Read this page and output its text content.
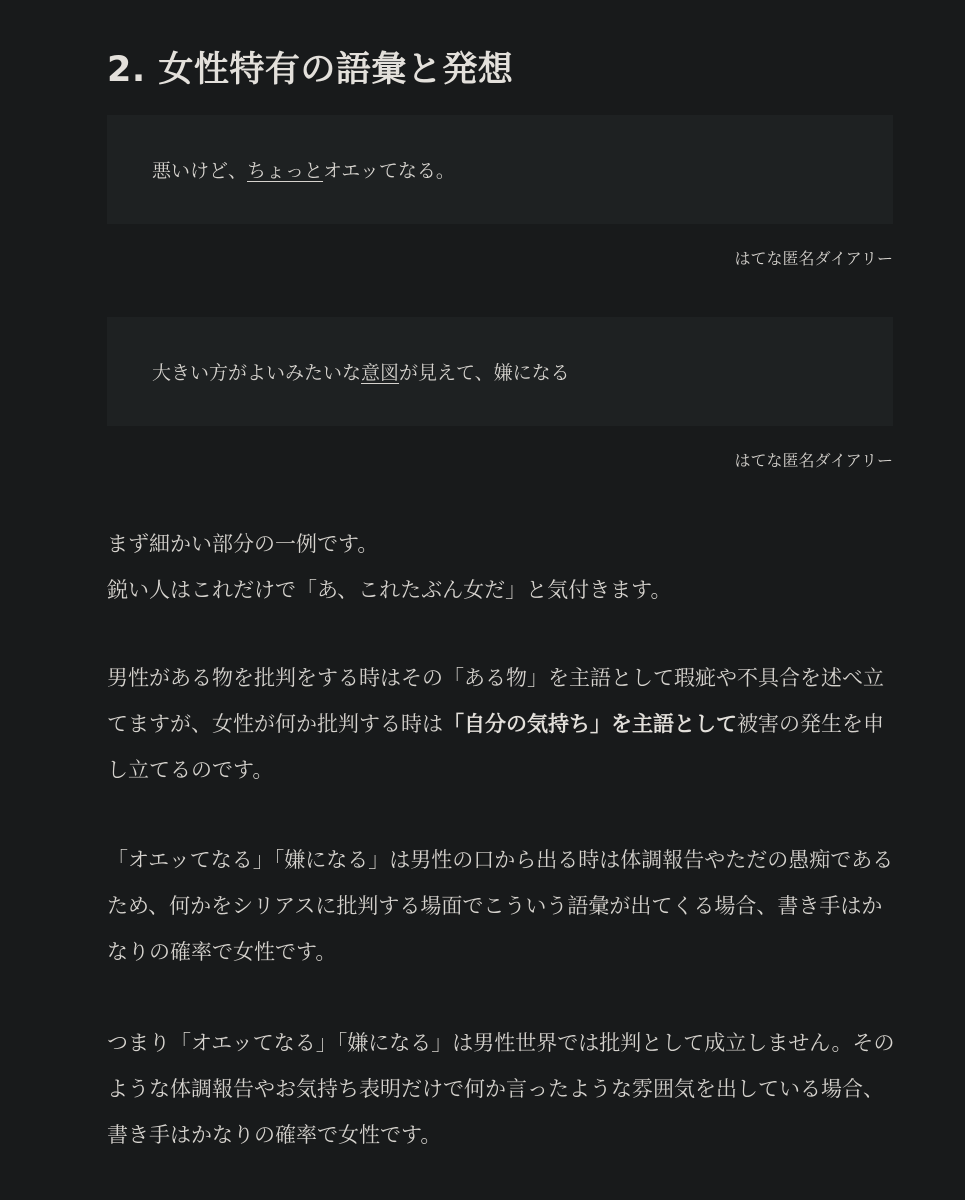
2. 女性特有の語彙と発想
悪いけど、ちょっとオエッてなる。
はてな匿名ダイアリー
大きい方がよいみたいな意図が見えて、嫌になる
はてな匿名ダイアリー

まず細かい部分の一例です。
鋭い人はこれだけで「あ、これたぶん女だ」と気付きます。

男性がある物を批判をする時はその「ある物」を主語として瑕疵や不具合を述べ立てますが、女性が何か批判する時は「自分の気持ち」を主語として被害の発生を申し立てるのです。

「オエッてなる」「嫌になる」は男性の口から出る時は体調報告やただの愚痴であるため、何かをシリアスに批判する場面でこういう語彙が出てくる場合、書き手はかなりの確率で女性です。

つまり「オエッてなる」「嫌になる」は男性世界では批判として成立しません。そのような体調報告やお気持ち表明だけで何か言ったような雰囲気を出している場合、書き手はかなりの確率で女性です。
